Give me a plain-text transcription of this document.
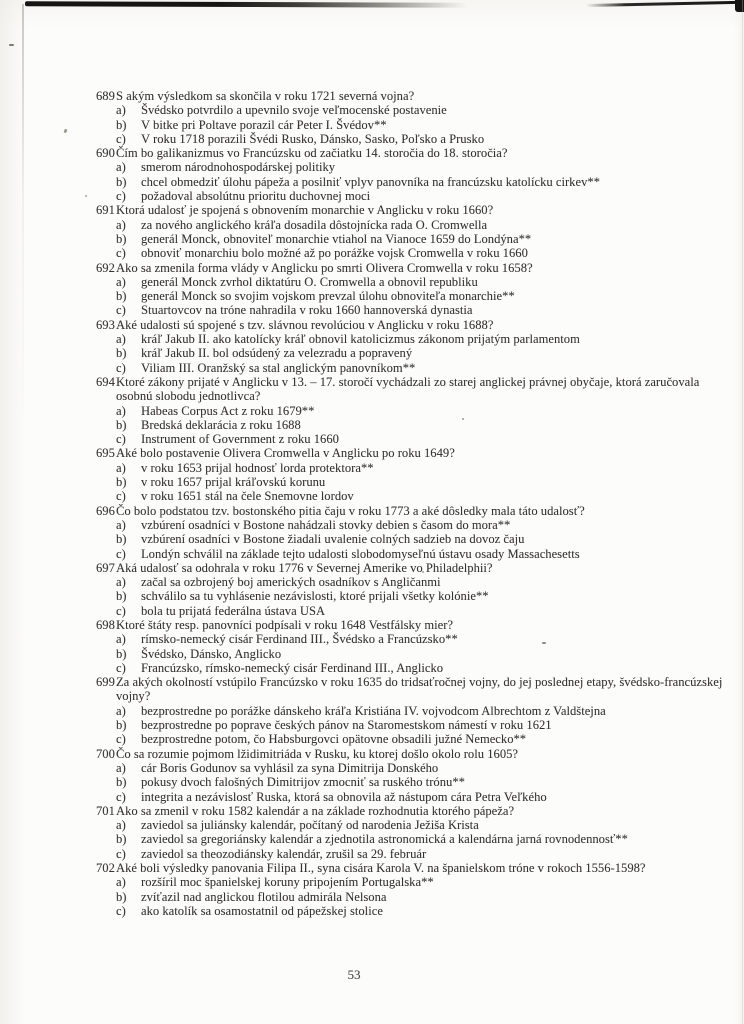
689S akým výsledkom sa skončila v roku 1721 severná vojna?
a) Švédsko potvrdilo a upevnilo svoje veľmocenské postavenie
b) V bitke pri Poltave porazil cár Peter I. Švédov**
c) V roku 1718 porazili Švédi Rusko, Dánsko, Sasko, Poľsko a Prusko
690Čím bo galikanizmus vo Francúzsku od začiatku 14. storočia do 18. storočia?
a) smerom národnohospodárskej politiky
b) chcel obmedziť úlohu pápeža a posilniť vplyv panovníka na francúzsku katolícku cirkev**
c) požadoval absolútnu prioritu duchovnej moci
691Ktorá udalosť je spojená s obnovením monarchie v Anglicku v roku 1660?
a) za nového anglického kráľa dosadila dôstojnícka rada O. Cromwella
b) generál Monck, obnoviteľ monarchie vtiahol na Vianoce 1659 do Londýna**
c) obnoviť monarchiu bolo možné až po porážke vojsk Cromwella v roku 1660
692Ako sa zmenila forma vlády v Anglicku po smrti Olivera Cromwella v roku 1658?
a) generál Monck zvrhol diktatúru O. Cromwella a obnovil republiku
b) generál Monck so svojim vojskom prevzal úlohu obnoviteľa monarchie**
c) Stuartovcov na tróne nahradila v roku 1660 hannoverská dynastia
693Aké udalosti sú spojené s tzv. slávnou revolúciou v Anglicku v roku 1688?
a) kráľ Jakub II. ako katolícky kráľ obnovil katolicizmus zákonom prijatým parlamentom
b) kráľ Jakub II. bol odsúdený za velezradu a popravený
c) Viliam III. Oranžský sa stal anglickým panovníkom**
694Ktoré zákony prijaté v Anglicku v 13. – 17. storočí vychádzali zo starej anglickej právnej obyčaje, ktorá zaručovala osobnú slobodu jednotlivca?
a) Habeas Corpus Act z roku 1679**
b) Bredská deklarácia z roku 1688
c) Instrument of Government z roku 1660
695Aké bolo postavenie Olivera Cromwella v Anglicku po roku 1649?
a) v roku 1653 prijal hodnosť lorda protektora**
b) v roku 1657 prijal kráľovskú korunu
c) v roku 1651 stál na čele Snemovne lordov
696Čo bolo podstatou tzv. bostonského pitia čaju v roku 1773 a aké dôsledky mala táto udalosť?
a) vzbúrení osadníci v Bostone nahádzali stovky debien s časom do mora**
b) vzbúrení osadníci v Bostone žiadali uvalenie colných sadzieb na dovoz čaju
c) Londýn schválil na základe tejto udalosti slobodomyseľnú ústavu osady Massachesetts
697Aká udalosť sa odohrala v roku 1776 v Severnej Amerike vo Philadelphii?
a) začal sa ozbrojený boj amerických osadníkov s Angličanmi
b) schválilo sa tu vyhlásenie nezávislosti, ktoré prijali všetky kolónie**
c) bola tu prijatá federálna ústava USA
698Ktoré štáty resp. panovníci podpísali v roku 1648 Vestfálsky mier?
a) rímsko-nemecký cisár Ferdinand III., Švédsko a Francúzsko**
b) Švédsko, Dánsko, Anglicko
c) Francúzsko, rímsko-nemecký cisár Ferdinand III., Anglicko
699Za akých okolností vstúpilo Francúzsko v roku 1635 do tridsaťročnej vojny, do jej poslednej etapy, švédsko-francúzskej vojny?
a) bezprostredne po porážke dánskeho kráľa Kristiána IV. vojvodcom Albrechtom z Valdštejna
b) bezprostredne po poprave českých pánov na Staromestskom námestí v roku 1621
c) bezprostredne potom, čo Habsburgovci opätovne obsadili južné Nemecko**
700Čo sa rozumie pojmom lžidimitriáda v Rusku, ku ktorej došlo okolo rolu 1605?
a) cár Boris Godunov sa vyhlásil za syna Dimitrija Donského
b) pokusy dvoch falošných Dimitrijov zmocniť sa ruského trónu**
c) integrita a nezávislosť Ruska, ktorá sa obnovila až nástupom cára Petra Veľkého
701Ako sa zmenil v roku 1582 kalendár a na základe rozhodnutia ktorého pápeža?
a) zaviedol sa juliánsky kalendár, počítaný od narodenia Ježiša Krista
b) zaviedol sa gregoriánsky kalendár a zjednotila astronomická a kalendárna jarná rovnodennosť**
c) zaviedol sa theozodiánsky kalendár, zrušil sa 29. február
702Aké boli výsledky panovania Filipa II., syna cisára Karola V. na španielskom tróne v rokoch 1556-1598?
a) rozšíril moc španielskej koruny pripojením Portugalska**
b) zvíťazil nad anglickou flotilou admirála Nelsona
c) ako katolík sa osamostatnil od pápežskej stolice
53
